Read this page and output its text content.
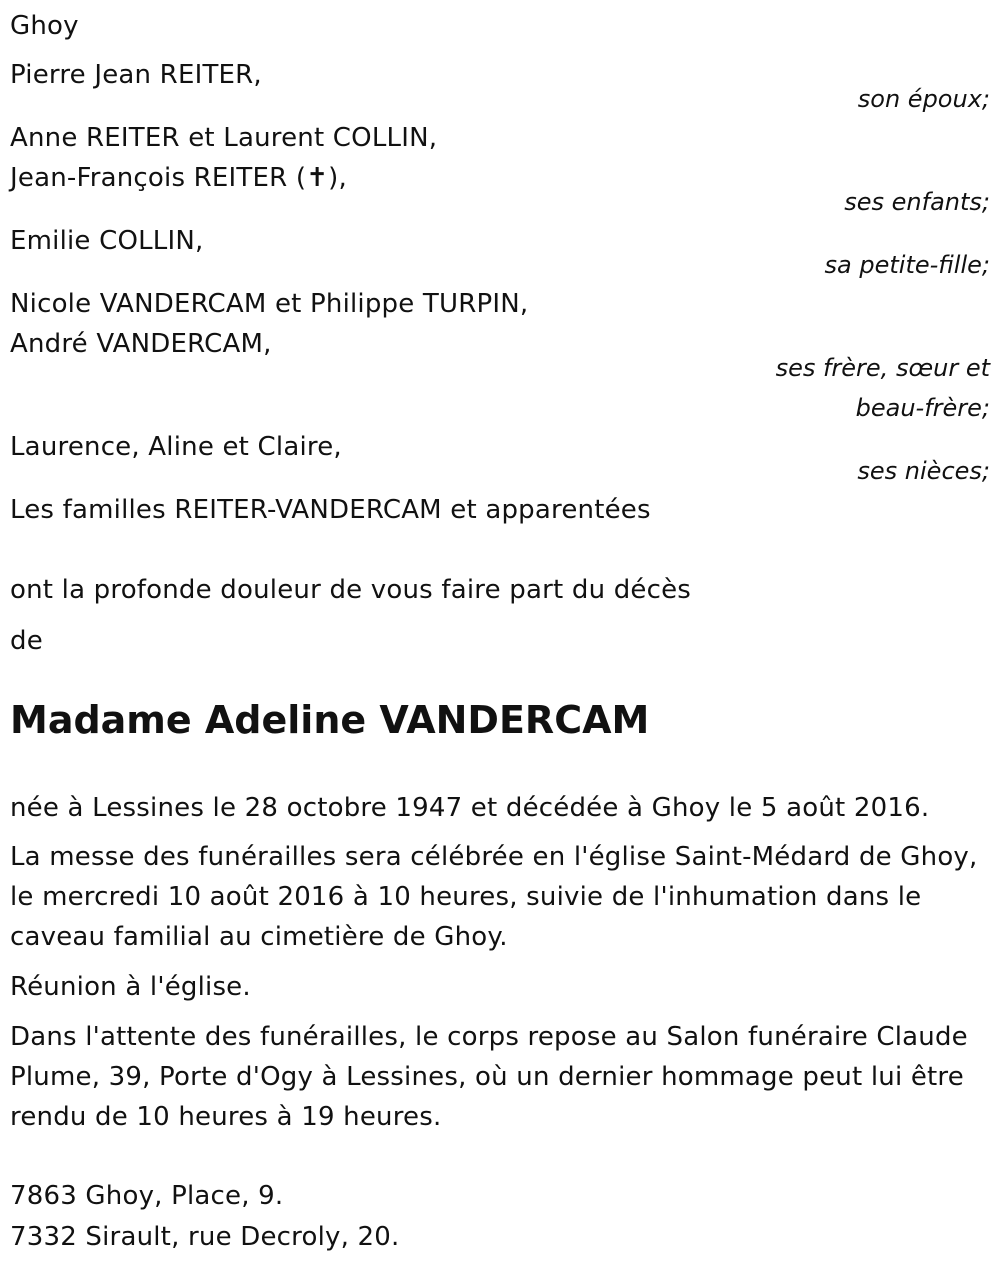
Ghoy
Pierre Jean REITER,
son époux;
Anne REITER et Laurent COLLIN,
Jean-François REITER (✝),
ses enfants;
Emilie COLLIN,
sa petite-fille;
Nicole VANDERCAM et Philippe TURPIN,
André VANDERCAM,
ses frère, sœur et
beau-frère;
Laurence, Aline et Claire,
ses nièces;
Les familles REITER-VANDERCAM et apparentées
ont la profonde douleur de vous faire part du décès
de
Madame Adeline VANDERCAM
née à Lessines le 28 octobre 1947 et décédée à Ghoy le 5 août 2016.
La messe des funérailles sera célébrée en l'église Saint-Médard de Ghoy, le mercredi 10 août 2016 à 10 heures, suivie de l'inhumation dans le caveau familial au cimetière de Ghoy.
Réunion à l'église.
Dans l'attente des funérailles, le corps repose au Salon funéraire Claude Plume, 39, Porte d'Ogy à Lessines, où un dernier hommage peut lui être rendu de 10 heures à 19 heures.
7863 Ghoy, Place, 9.
7332 Sirault, rue Decroly, 20.
